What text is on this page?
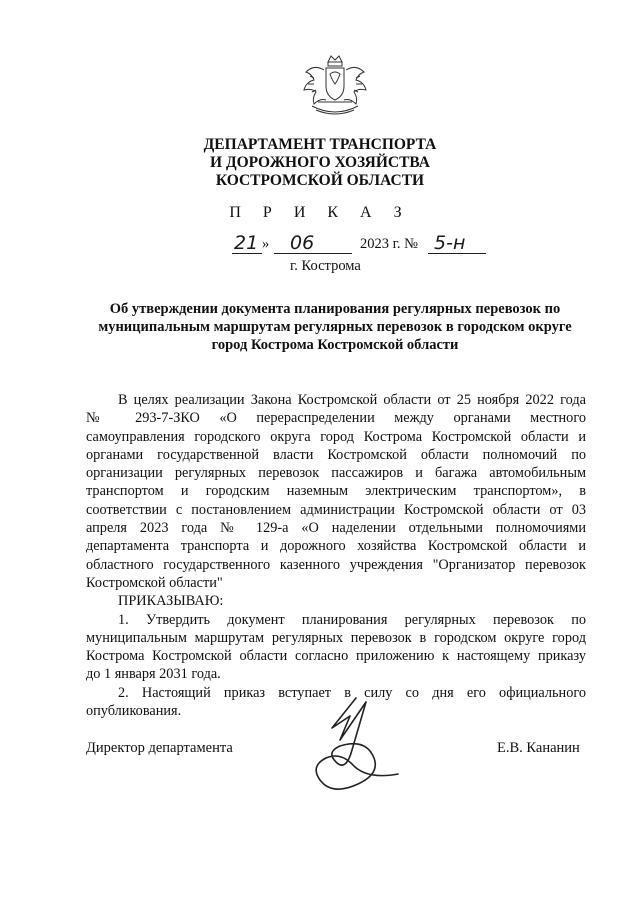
ДЕПАРТАМЕНТ ТРАНСПОРТА
И ДОРОЖНОГО ХОЗЯЙСТВА
КОСТРОМСКОЙ ОБЛАСТИ
П Р И К А З
21 » 06	2023 г. № 5-н
г. Кострома
Об утверждении документа планирования регулярных перевозок по
муниципальным маршрутам регулярных перевозок в городском округе
город Кострома Костромской области
В целях реализации Закона Костромской области от 25 ноября 2022 года
№ 293-7-ЗКО «О перераспределении между органами местного
самоуправления городского округа город Кострома Костромской области и
органами государственной власти Костромской области полномочий по
организации регулярных перевозок пассажиров и багажа автомобильным
транспортом и городским наземным электрическим транспортом», в
соответствии с постановлением администрации Костромской области от 03
апреля 2023 года № 129-а «О наделении отдельными полномочиями
департамента транспорта и дорожного хозяйства Костромской области и
областного государственного казенного учреждения "Организатор перевозок
Костромской области"
ПРИКАЗЫВАЮ:
1. Утвердить документ планирования регулярных перевозок по
муниципальным маршрутам регулярных перевозок в городском округе город
Кострома Костромской области согласно приложению к настоящему приказу
до 1 января 2031 года.
2. Настоящий приказ вступает в силу со дня его официального
опубликования.
Директор департамента	Е.В. Кананин
